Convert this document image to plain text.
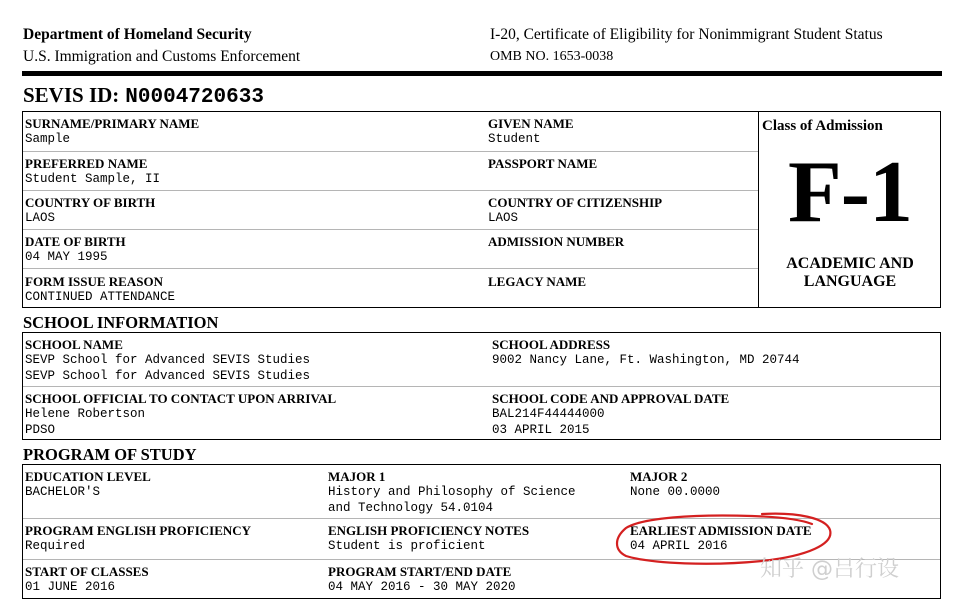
Department of Homeland Security
U.S. Immigration and Customs Enforcement
I-20, Certificate of Eligibility for Nonimmigrant Student Status
OMB NO. 1653-0038
SEVIS ID: N0004720633
SURNAME/PRIMARY NAME
Sample
GIVEN NAME
Student
PREFERRED NAME
Student Sample, II
PASSPORT NAME
COUNTRY OF BIRTH
LAOS
COUNTRY OF CITIZENSHIP
LAOS
DATE OF BIRTH
04 MAY 1995
ADMISSION NUMBER
FORM ISSUE REASON
CONTINUED ATTENDANCE
LEGACY NAME
Class of Admission
F-1
ACADEMIC AND
LANGUAGE
SCHOOL INFORMATION
SCHOOL NAME
SEVP School for Advanced SEVIS Studies
SEVP School for Advanced SEVIS Studies
SCHOOL ADDRESS
9002 Nancy Lane, Ft. Washington, MD 20744
SCHOOL OFFICIAL TO CONTACT UPON ARRIVAL
Helene Robertson
PDSO
SCHOOL CODE AND APPROVAL DATE
BAL214F44444000
03 APRIL 2015
PROGRAM OF STUDY
EDUCATION LEVEL
BACHELOR'S
MAJOR 1
History and Philosophy of Science
and Technology 54.0104
MAJOR 2
None 00.0000
PROGRAM ENGLISH PROFICIENCY
Required
ENGLISH PROFICIENCY NOTES
Student is proficient
EARLIEST ADMISSION DATE
04 APRIL 2016
START OF CLASSES
01 JUNE 2016
PROGRAM START/END DATE
04 MAY 2016 - 30 MAY 2020
知乎 @吕行设
